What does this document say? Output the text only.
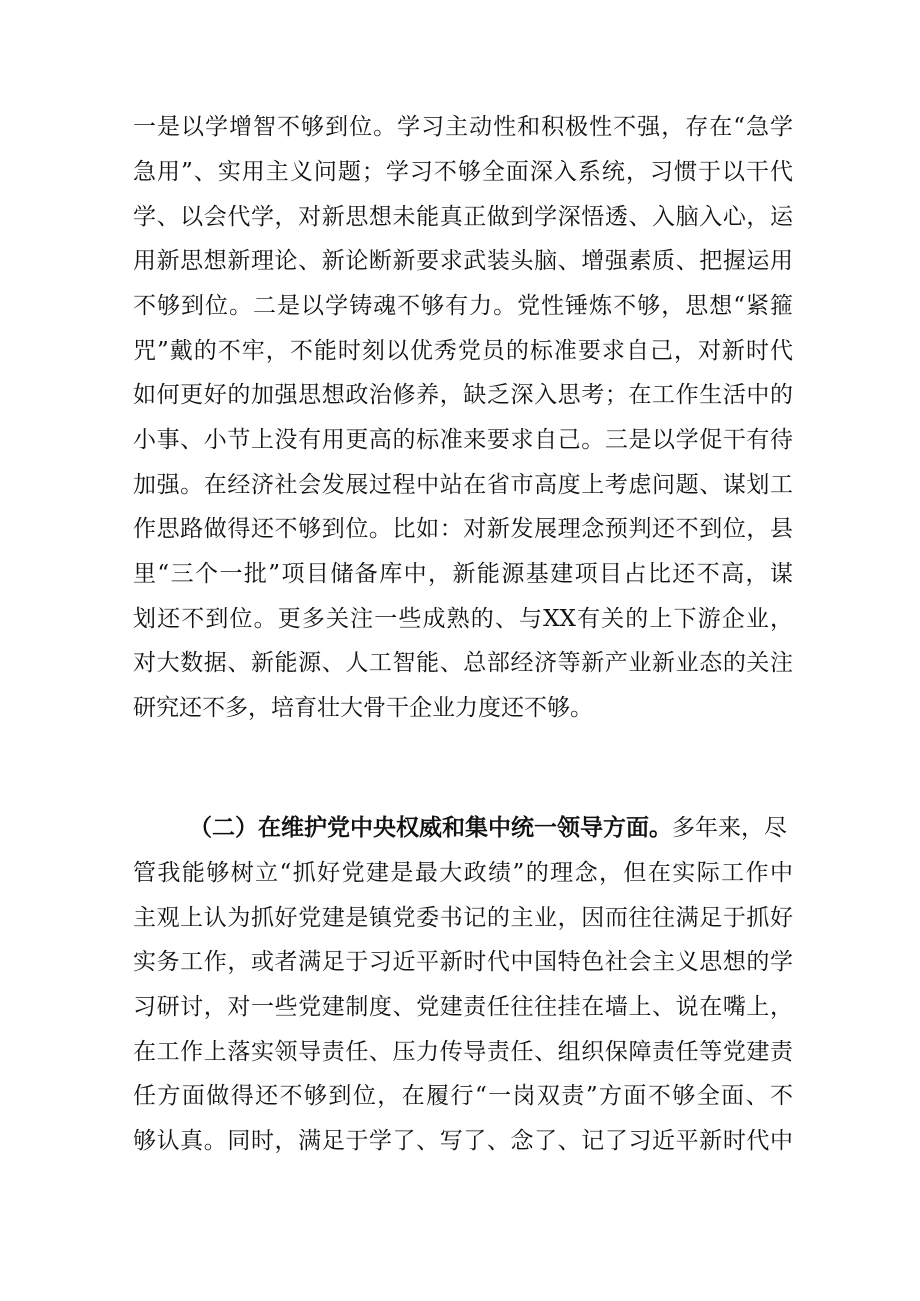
一是以学增智不够到位。学习主动性和积极性不强，存在“急学
急用”、实用主义问题；学习不够全面深入系统，习惯于以干代
学、以会代学，对新思想未能真正做到学深悟透、入脑入心，运
用新思想新理论、新论断新要求武装头脑、增强素质、把握运用
不够到位。二是以学铸魂不够有力。党性锤炼不够，思想“紧箍
咒”戴的不牢，不能时刻以优秀党员的标准要求自己，对新时代
如何更好的加强思想政治修养，缺乏深入思考；在工作生活中的
小事、小节上没有用更高的标准来要求自己。三是以学促干有待
加强。在经济社会发展过程中站在省市高度上考虑问题、谋划工
作思路做得还不够到位。比如：对新发展理念预判还不到位，县
里“三个一批”项目储备库中，新能源基建项目占比还不高，谋
划还不到位。更多关注一些成熟的、与XX有关的上下游企业，
对大数据、新能源、人工智能、总部经济等新产业新业态的关注
研究还不多，培育壮大骨干企业力度还不够。
（二）在维护党中央权威和集中统一领导方面。多年来，尽
管我能够树立“抓好党建是最大政绩”的理念，但在实际工作中
主观上认为抓好党建是镇党委书记的主业，因而往往满足于抓好
实务工作，或者满足于习近平新时代中国特色社会主义思想的学
习研讨，对一些党建制度、党建责任往往挂在墙上、说在嘴上，
在工作上落实领导责任、压力传导责任、组织保障责任等党建责
任方面做得还不够到位，在履行“一岗双责”方面不够全面、不
够认真。同时，满足于学了、写了、念了、记了习近平新时代中
